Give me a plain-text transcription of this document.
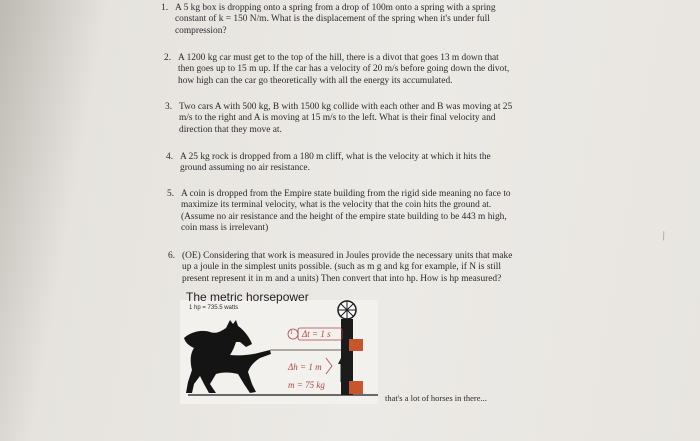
1. A 5 kg box is dropping onto a spring from a drop of 100m onto a spring with a spring
constant of k = 150 N/m. What is the displacement of the spring when it's under full
compression?
2. A 1200 kg car must get to the top of the hill, there is a divot that goes 13 m down that
then goes up to 15 m up. If the car has a velocity of 20 m/s before going down the divot,
how high can the car go theoretically with all the energy its accumulated.
3. Two cars A with 500 kg, B with 1500 kg collide with each other and B was moving at 25
m/s to the right and A is moving at 15 m/s to the left. What is their final velocity and
direction that they move at.
4. A 25 kg rock is dropped from a 180 m cliff, what is the velocity at which it hits the
ground assuming no air resistance.
5. A coin is dropped from the Empire state building from the rigid side meaning no face to
maximize its terminal velocity, what is the velocity that the coin hits the ground at.
(Assume no air resistance and the height of the empire state building to be 443 m high,
coin mass is irrelevant)
6. (OE) Considering that work is measured in Joules provide the necessary units that make
up a joule in the simplest units possible. (such as m g and kg for example, if N is still
present represent it in m and a units) Then convert that into hp. How is hp measured?
The metric horsepower
1 hp = 735.5 watts
1 Δt = 1 s
Δh = 1 m
m = 75 kg
that's a lot of horses in there...
/
